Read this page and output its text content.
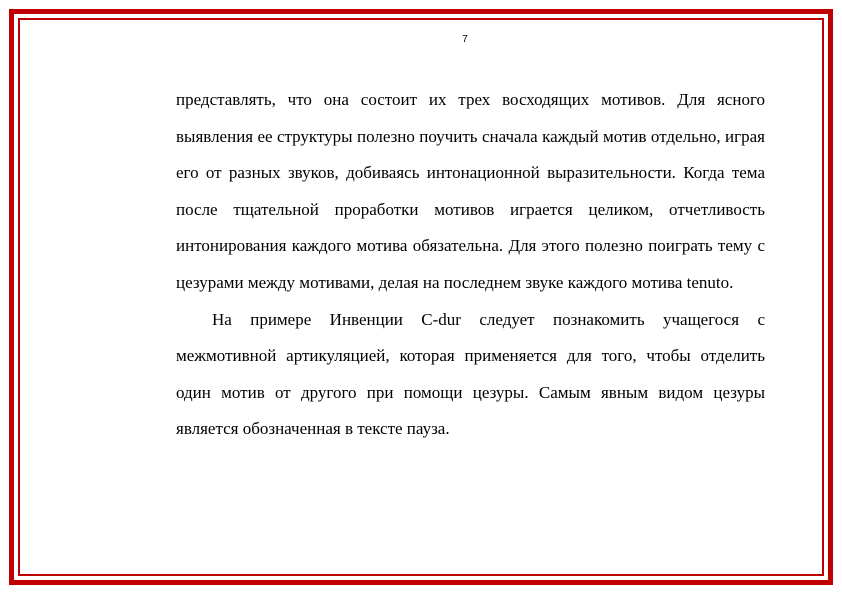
7

представлять, что она состоит их трех восходящих мотивов. Для ясного выявления ее структуры полезно поучить сначала каждый мотив отдельно, играя его от разных звуков, добиваясь интонационной выразительности. Когда тема после тщательной проработки мотивов играется целиком, отчетливость интонирования каждого мотива обязательна. Для этого полезно поиграть тему с цезурами между мотивами, делая на последнем звуке каждого мотива tenuto.

На примере Инвенции C-dur следует познакомить учащегося с межмотивной артикуляцией, которая применяется для того, чтобы отделить один мотив от другого при помощи цезуры. Самым явным видом цезуры является обозначенная в тексте пауза.
